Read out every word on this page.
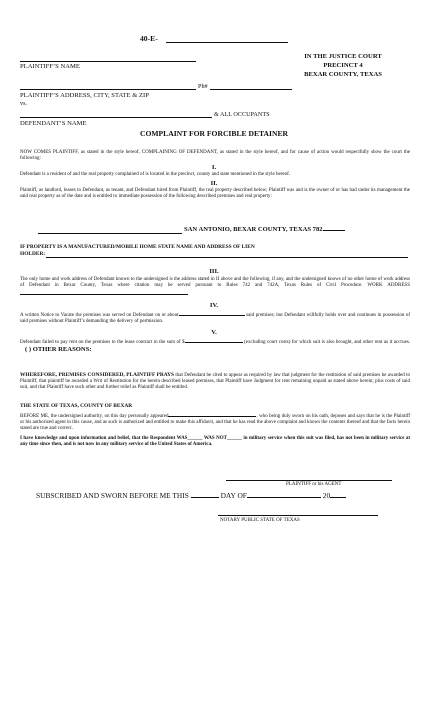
40-E-
PLAINTIFF’S NAME
IN THE JUSTICE COURT
PRECINCT 4
BEXAR COUNTY, TEXAS
Ph#
PLAINTIFF’S ADDRESS, CITY, STATE & ZIP
vs.
& ALL OCCUPANTS
DEFENDANT’S NAME
COMPLAINT FOR FORCIBLE DETAINER
NOW COMES PLAINTIFF, as stated in the style hereof, COMPLAINING OF DEFENDANT, as stated in the style hereof, and for cause of action would respectfully show the court the following:
I.
Defendant is a resident of and the real property complained of is located in the precinct, county and state mentioned in the style hereof.
II.
Plaintiff, as landlord, leases to Defendant, as tenant, and Defendant hired from Plaintiff, the real property described below; Plaintiff was and is the owner of or has had under its management the said real property as of the date and is entitled to immediate possession of the following described premises and real property:
SAN ANTONIO, BEXAR COUNTY, TEXAS 782
IF PROPERTY IS A MANUFACTURED/MOBILE HOME STATE NAME AND ADDRESS OF LIEN
HOLDER:
III.
The only home and work address of Defendant known to the undersigned is the address stated in II above and the following, if any, and the undersigned knows of no other home of work address of Defendant in Bexar County, Texas where citation may be served pursuant to Rules 742 and 742A, Texas Rules of Civil Procedure. WORK ADDRESS
IV.
A written Notice to Vacate the premises was served on Defendant on or about	said premises; but Defendant willfully holds over and continues in possession of said premises without Plaintiff’s demanding the delivery of permission.
V.
Defendant failed to pay rent on the premises to the lease contract in the sum of $	(excluding court costs) for which suit is also brought, and other rent as it accrues. ( ) OTHER REASONS:
WHEREFORE, PREMISES CONSIDERED, PLAINTIFF PRAYS that Defendant be cited to appear as required by law that judgment for the restitution of said premises be awarded to Plaintiff, that plaintiff be awarded a Writ of Restitution for the herein described leased premises, that Plaintiff have Judgment for rent remaining unpaid as stated above herein; plus costs of said suit, and that Plaintiff have such other and further relief as Plaintiff shall be entitled.
THE STATE OF TEXAS, COUNTY OF BEXAR
BEFORE ME, the undersigned authority, on this day personally appeared	, who being duly sworn on his oath, deposes and says that he is the Plaintiff or his authorized agent in this cause, and as such is authorized and entitled to make this affidavit, and that he has read the above complaint and knows the contents thereof and that the facts herein stated are true and correct.
I have knowledge and upon information and belief, that the Respondent WAS______ WAS NOT______ in military service when this suit was filed, has not been in military service at any time since then, and is not now in any military service of the United States of America.
PLAINTIFF or his AGENT
SUBSCRIBED AND SWORN BEFORE ME THIS	DAY OF	20
NOTARY PUBLIC STATE OF TEXAS
